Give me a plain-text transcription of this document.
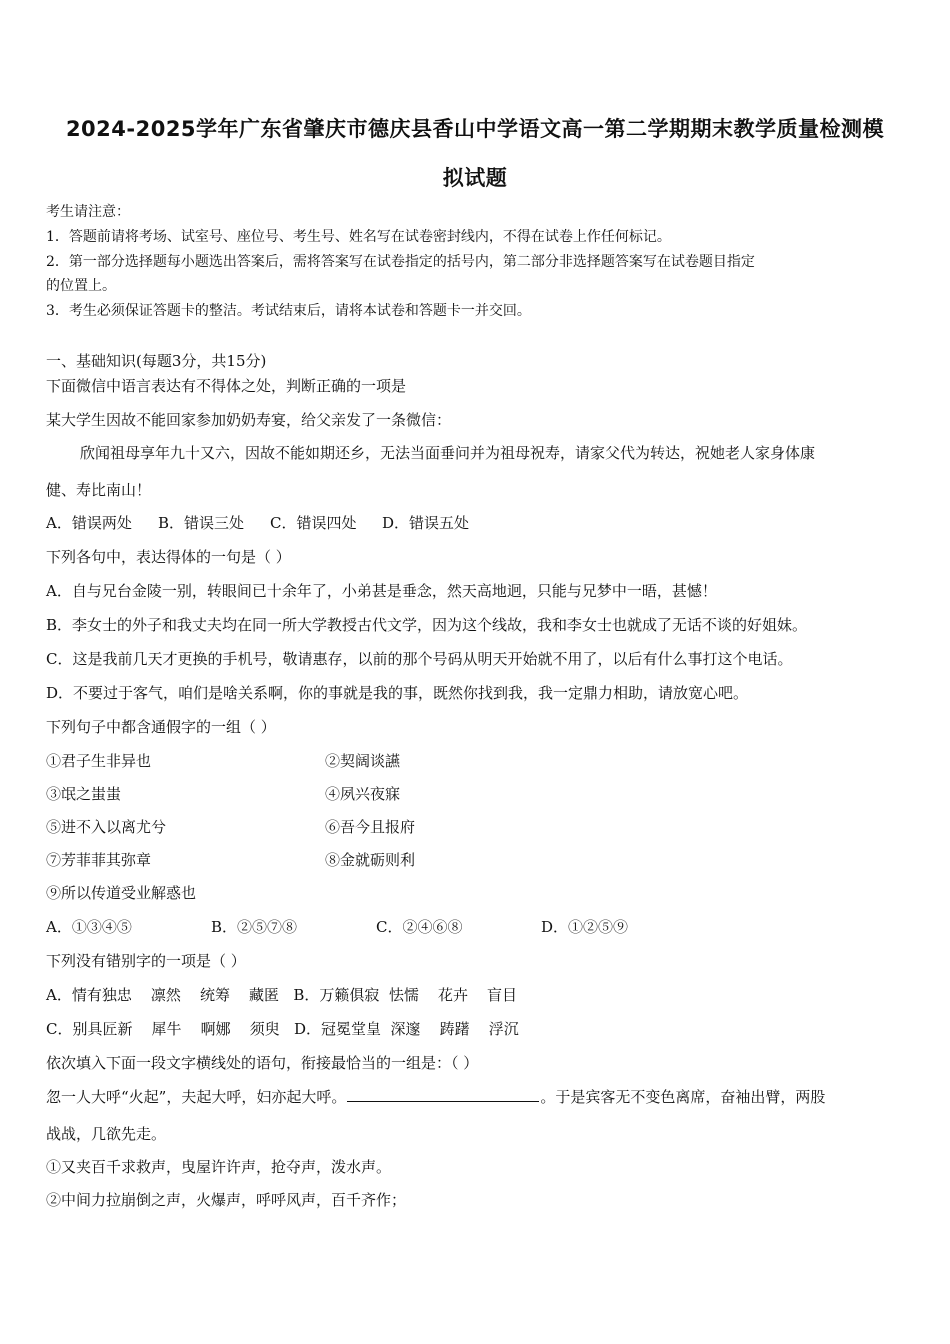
2024-2025学年广东省肇庆市德庆县香山中学语文高一第二学期期末教学质量检测模
拟试题
考生请注意：
1．答题前请将考场、试室号、座位号、考生号、姓名写在试卷密封线内，不得在试卷上作任何标记。
2．第一部分选择题每小题选出答案后，需将答案写在试卷指定的括号内，第二部分非选择题答案写在试卷题目指定
的位置上。
3．考生必须保证答题卡的整洁。考试结束后，请将本试卷和答题卡一并交回。
一、基础知识(每题3分，共15分)
下面微信中语言表达有不得体之处，判断正确的一项是
某大学生因故不能回家参加奶奶寿宴，给父亲发了一条微信：
欣闻祖母享年九十又六，因故不能如期还乡，无法当面垂问并为祖母祝寿，请家父代为转达，祝她老人家身体康
健、寿比南山！
A．错误两处 B．错误三处 C．错误四处 D．错误五处
下列各句中，表达得体的一句是（ ）
A．自与兄台金陵一别，转眼间已十余年了，小弟甚是垂念，然天高地迥，只能与兄梦中一晤，甚憾！
B．李女士的外子和我丈夫均在同一所大学教授古代文学，因为这个线故，我和李女士也就成了无话不谈的好姐妹。
C．这是我前几天才更换的手机号，敬请惠存，以前的那个号码从明天开始就不用了，以后有什么事打这个电话。
D．不要过于客气，咱们是啥关系啊，你的事就是我的事，既然你找到我，我一定鼎力相助，请放宽心吧。
下列句子中都含通假字的一组（ ）
①君子生非异也	②契阔谈讌
③氓之蚩蚩	④夙兴夜寐
⑤进不入以离尤兮	⑥吾今且报府
⑦芳菲菲其弥章	⑧金就砺则利
⑨所以传道受业解惑也
A．①③④⑤	B．②⑤⑦⑧	C．②④⑥⑧	D．①②⑤⑨
下列没有错别字的一项是（ ）
A．情有独忠    凛然    统筹    藏匿   B．万籁俱寂  怯懦    花卉    盲目
C．别具匠新    犀牛    啊娜    须臾   D．冠冕堂皇  深邃    踌躇    浮沉
依次填入下面一段文字横线处的语句，衔接最恰当的一组是：（ ）
忽一人大呼“火起”，夫起大呼，妇亦起大呼。	。于是宾客无不变色离席，奋袖出臂，两股
战战，几欲先走。
①又夹百千求救声，曳屋许许声，抢夺声，泼水声。
②中间力拉崩倒之声，火爆声，呼呼风声，百千齐作；
